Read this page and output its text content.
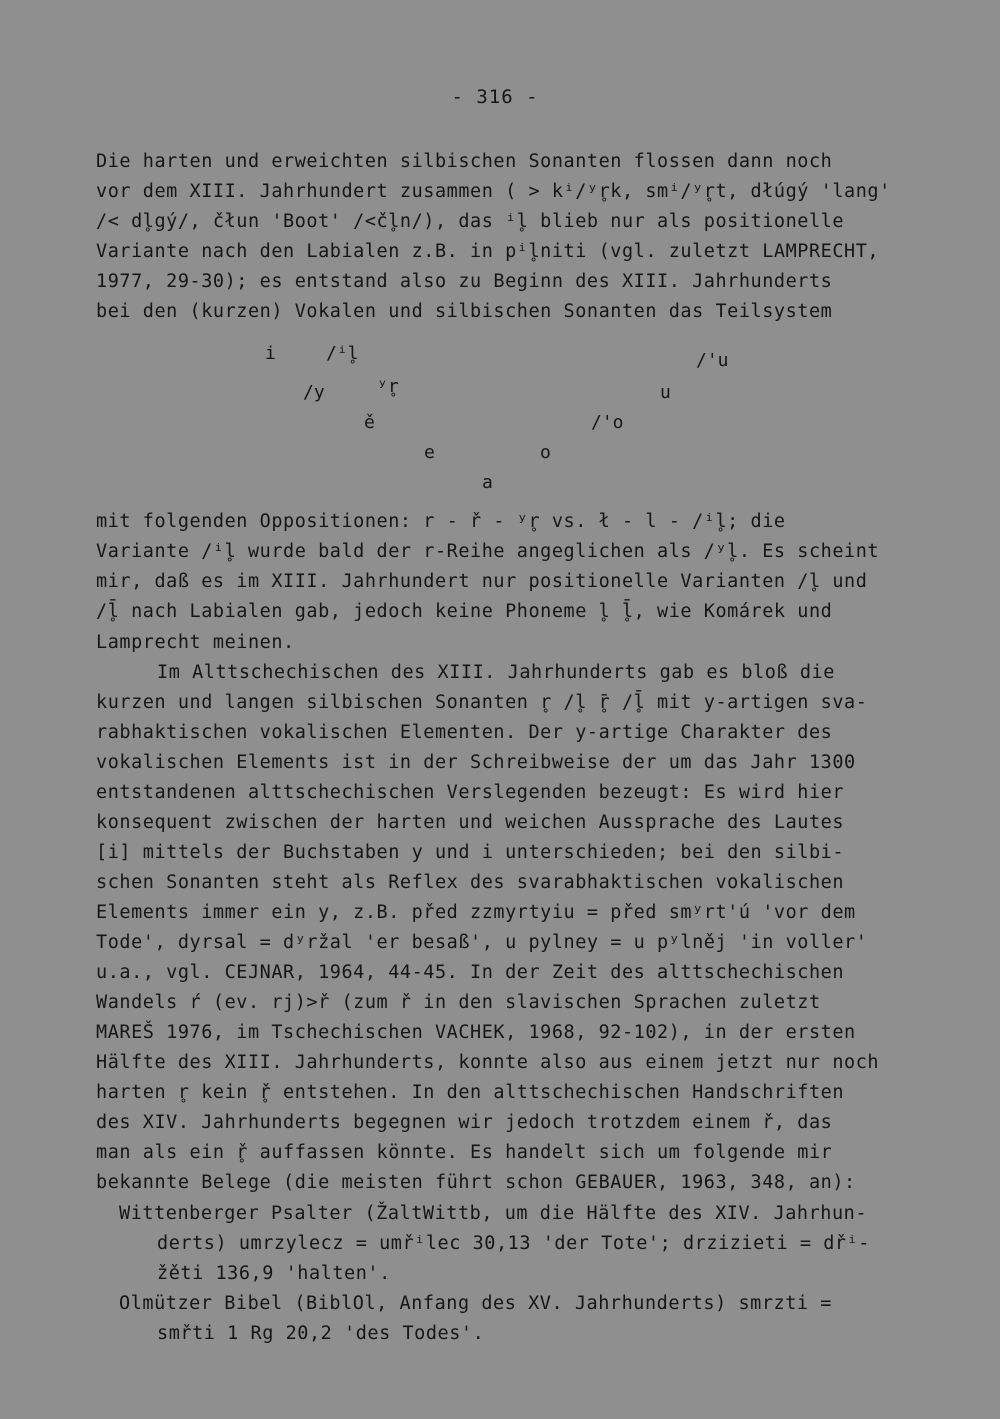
- 316 -
Die harten und erweichten silbischen Sonanten flossen dann noch
vor dem XIII. Jahrhundert zusammen ( > kⁱ/ʸr̥k, smⁱ/ʸr̥t, dłúgý 'lang'
/< dl̥gý/, čłun 'Boot' /<čl̥n/), das ⁱl̥ blieb nur als positionelle
Variante nach den Labialen z.B. in pⁱl̥niti (vgl. zuletzt LAMPRECHT,
1977, 29-30); es entstand also zu Beginn des XIII. Jahrhunderts
bei den (kurzen) Vokalen und silbischen Sonanten das Teilsystem
i	/ⁱl̥	/'u
/y	ʸr̥	u
ě	/'o
e	o
a
mit folgenden Oppositionen: r - ř - ʸr̥ vs. ł - l - /ⁱl̥; die
Variante /ⁱl̥ wurde bald der r-Reihe angeglichen als /ʸl̥. Es scheint
mir, daß es im XIII. Jahrhundert nur positionelle Varianten /l̥ und
/l̥̄ nach Labialen gab, jedoch keine Phoneme l̥ l̥̄, wie Komárek und
Lamprecht meinen.
Im Alttschechischen des XIII. Jahrhunderts gab es bloß die
kurzen und langen silbischen Sonanten r̥ /l̥ r̥̄ /l̥̄ mit y-artigen sva-
rabhaktischen vokalischen Elementen. Der y-artige Charakter des
vokalischen Elements ist in der Schreibweise der um das Jahr 1300
entstandenen alttschechischen Verslegenden bezeugt: Es wird hier
konsequent zwischen der harten und weichen Aussprache des Lautes
[i] mittels der Buchstaben y und i unterschieden; bei den silbi-
schen Sonanten steht als Reflex des svarabhaktischen vokalischen
Elements immer ein y, z.B. před zzmyrtyiu = před smʸrt'ú 'vor dem
Tode', dyrsal = dʸržal 'er besaß', u pylney = u pʸlněj 'in voller'
u.a., vgl. CEJNAR, 1964, 44-45. In der Zeit des alttschechischen
Wandels ŕ (ev. rj)>ř (zum ř in den slavischen Sprachen zuletzt
MAREŠ 1976, im Tschechischen VACHEK, 1968, 92-102), in der ersten
Hälfte des XIII. Jahrhunderts, konnte also aus einem jetzt nur noch
harten r̥ kein ř̥ entstehen. In den alttschechischen Handschriften
des XIV. Jahrhunderts begegnen wir jedoch trotzdem einem ř, das
man als ein ř̥ auffassen könnte. Es handelt sich um folgende mir
bekannte Belege (die meisten führt schon GEBAUER, 1963, 348, an):
Wittenberger Psalter (ŽaltWittb, um die Hälfte des XIV. Jahrhun-
derts) umrzylecz = umřⁱlec 30,13 'der Tote'; drzizieti = dřⁱ-
žěti 136,9 'halten'.
Olmützer Bibel (BiblOl, Anfang des XV. Jahrhunderts) smrzti =
smřti 1 Rg 20,2 'des Todes'.
